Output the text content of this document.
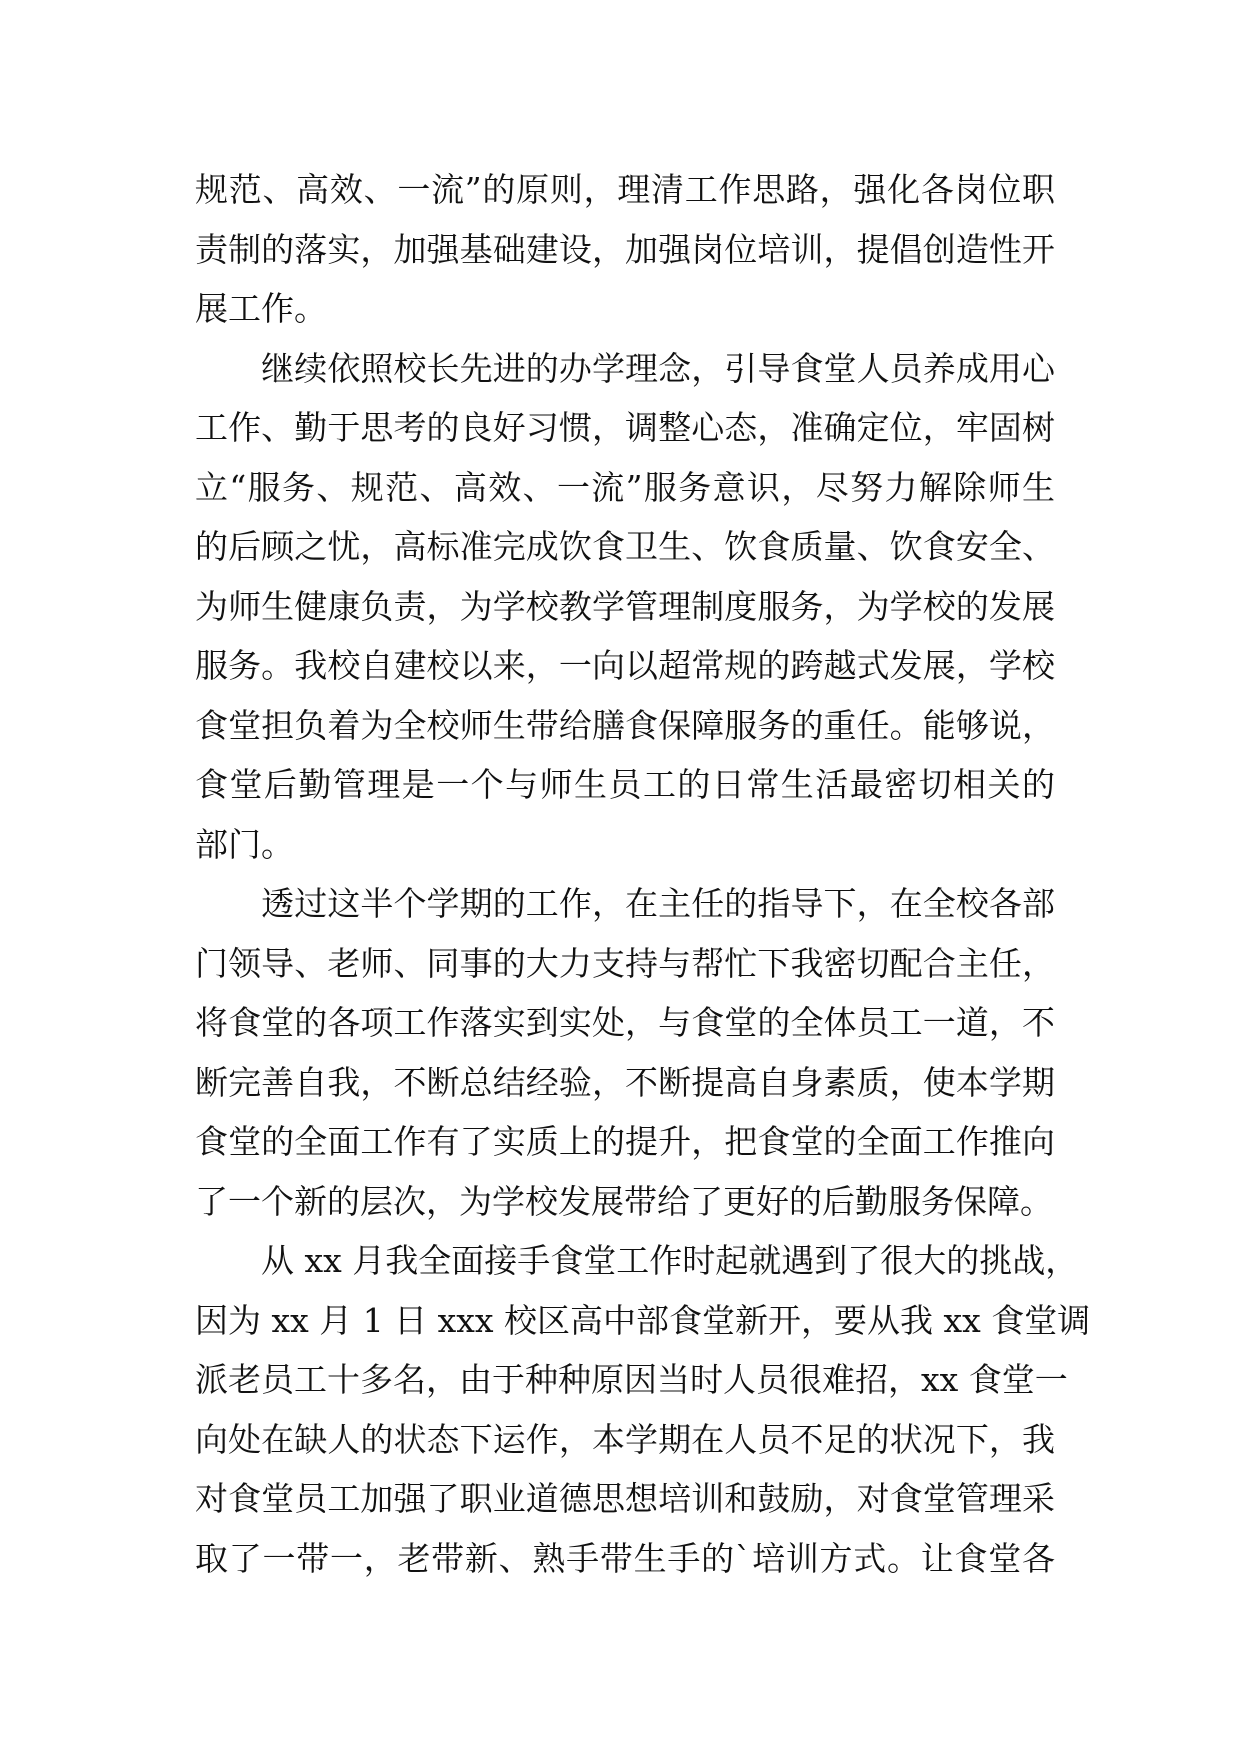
规范、高效、一流”的原则，理清工作思路，强化各岗位职
责制的落实，加强基础建设，加强岗位培训，提倡创造性开
展工作。
　　继续依照校长先进的办学理念，引导食堂人员养成用心
工作、勤于思考的良好习惯，调整心态，准确定位，牢固树
立“服务、规范、高效、一流”服务意识，尽努力解除师生
的后顾之忧，高标准完成饮食卫生、饮食质量、饮食安全、
为师生健康负责，为学校教学管理制度服务，为学校的发展
服务。我校自建校以来，一向以超常规的跨越式发展，学校
食堂担负着为全校师生带给膳食保障服务的重任。能够说，
食堂后勤管理是一个与师生员工的日常生活最密切相关的
部门。
　　透过这半个学期的工作，在主任的指导下，在全校各部
门领导、老师、同事的大力支持与帮忙下我密切配合主任，
将食堂的各项工作落实到实处，与食堂的全体员工一道，不
断完善自我，不断总结经验，不断提高自身素质，使本学期
食堂的全面工作有了实质上的提升，把食堂的全面工作推向
了一个新的层次，为学校发展带给了更好的后勤服务保障。
　　从 xx 月我全面接手食堂工作时起就遇到了很大的挑战，
因为 xx 月 1 日 xxx 校区高中部食堂新开，要从我 xx 食堂调
派老员工十多名，由于种种原因当时人员很难招，xx 食堂一
向处在缺人的状态下运作，本学期在人员不足的状况下，我
对食堂员工加强了职业道德思想培训和鼓励，对食堂管理采
取了一带一，老带新、熟手带生手的`培训方式。让食堂各
